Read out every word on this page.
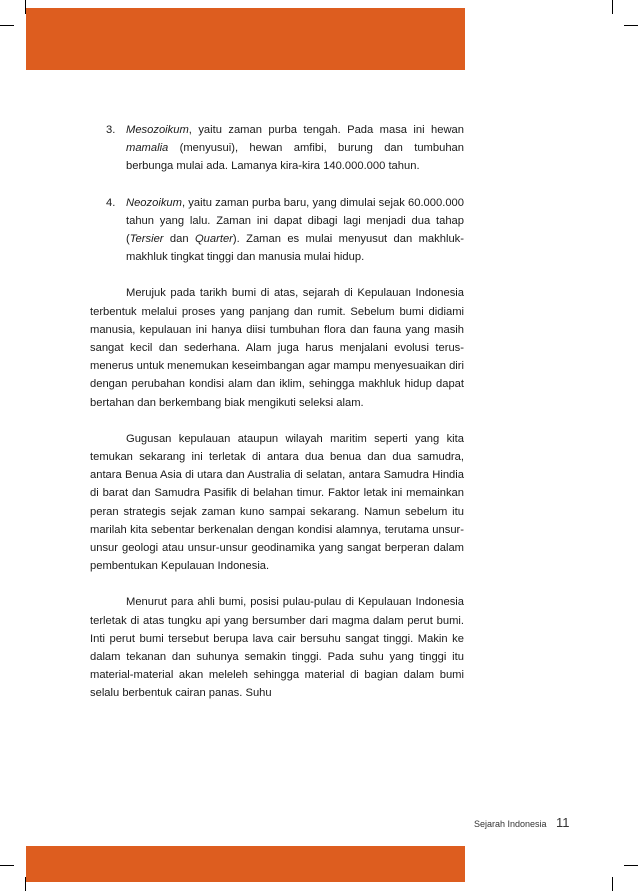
3. Mesozoikum, yaitu zaman purba tengah. Pada masa ini hewan mamalia (menyusui), hewan amfibi, burung dan tumbuhan berbunga mulai ada. Lamanya kira-kira 140.000.000 tahun.
4. Neozoikum, yaitu zaman purba baru, yang dimulai sejak 60.000.000 tahun yang lalu. Zaman ini dapat dibagi lagi menjadi dua tahap (Tersier dan Quarter). Zaman es mulai menyusut dan makhluk-makhluk tingkat tinggi dan manusia mulai hidup.

Merujuk pada tarikh bumi di atas, sejarah di Kepulauan Indonesia terbentuk melalui proses yang panjang dan rumit. Sebelum bumi didiami manusia, kepulauan ini hanya diisi tumbuhan flora dan fauna yang masih sangat kecil dan sederhana. Alam juga harus menjalani evolusi terus-menerus untuk menemukan keseimbangan agar mampu menyesuaikan diri dengan perubahan kondisi alam dan iklim, sehingga makhluk hidup dapat bertahan dan berkembang biak mengikuti seleksi alam.

Gugusan kepulauan ataupun wilayah maritim seperti yang kita temukan sekarang ini terletak di antara dua benua dan dua samudra, antara Benua Asia di utara dan Australia di selatan, antara Samudra Hindia di barat dan Samudra Pasifik di belahan timur. Faktor letak ini memainkan peran strategis sejak zaman kuno sampai sekarang. Namun sebelum itu marilah kita sebentar berkenalan dengan kondisi alamnya, terutama unsur-unsur geologi atau unsur-unsur geodinamika yang sangat berperan dalam pembentukan Kepulauan Indonesia.

Menurut para ahli bumi, posisi pulau-pulau di Kepulauan Indonesia terletak di atas tungku api yang bersumber dari magma dalam perut bumi. Inti perut bumi tersebut berupa lava cair bersuhu sangat tinggi. Makin ke dalam tekanan dan suhunya semakin tinggi. Pada suhu yang tinggi itu material-material akan meleleh sehingga material di bagian dalam bumi selalu berbentuk cairan panas. Suhu

Sejarah Indonesia 11
